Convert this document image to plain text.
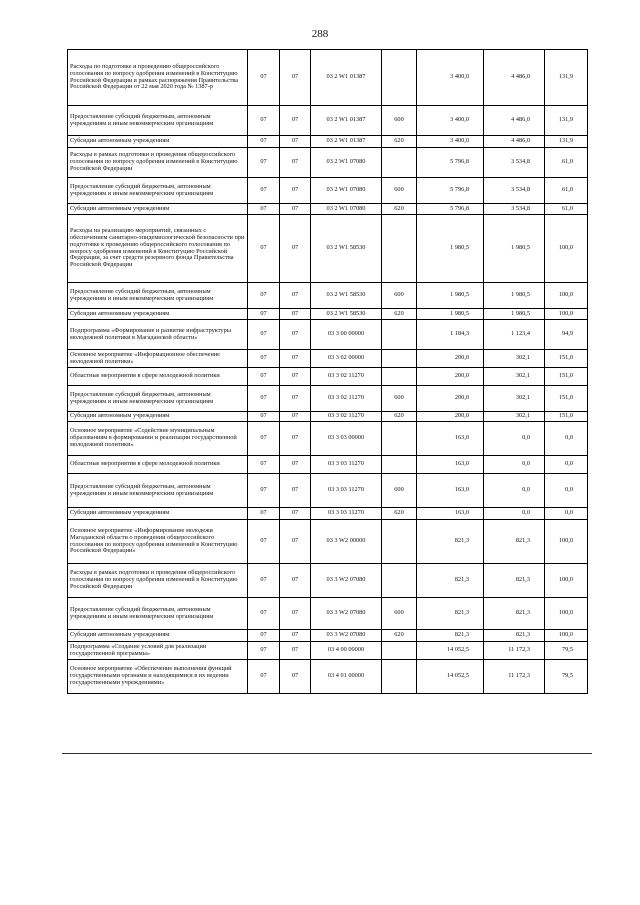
288
Расходы по подготовке и проведению общероссийского голосования по вопросу одобрения изменений в Конституцию Российской Федерации в рамках распоряжения Правительства Российской Федерации от 22 мая 2020 года № 1387-р	07	07	03 2 W1 01387		3 400,0	4 486,0	131,9
Предоставление субсидий бюджетным, автономным учреждениям и иным некоммерческим организациям	07	07	03 2 W1 01387	600	3 400,0	4 486,0	131,9
Субсидии автономным учреждениям	07	07	03 2 W1 01387	620	3 400,0	4 486,0	131,9
Расходы в рамках подготовки и проведения общероссийского голосования по вопросу одобрения изменений в Конституцию Российской Федерации	07	07	03 2 W1 07080		5 796,8	3 534,8	61,0
Предоставление субсидий бюджетным, автономным учреждениям и иным некоммерческим организациям	07	07	03 2 W1 07080	600	5 796,8	3 534,8	61,0
Субсидии автономным учреждениям	07	07	03 2 W1 07080	620	5 796,8	3 534,8	61,0
Расходы на реализацию мероприятий, связанных с обеспечением санитарно-эпидемиологической безопасности при подготовке к проведению общероссийского голосования по вопросу одобрения изменений в Конституцию Российской Федерации, за счет средств резервного фонда Правительства Российской Федерации	07	07	03 2 W1 58530		1 980,5	1 980,5	100,0
Предоставление субсидий бюджетным, автономным учреждениям и иным некоммерческим организациям	07	07	03 2 W1 58530	600	1 980,5	1 980,5	100,0
Субсидии автономным учреждениям	07	07	03 2 W1 58530	620	1 980,5	1 980,5	100,0
Подпрограмма «Формирование и развитие инфраструктуры молодежной политики в Магаданской области»	07	07	03 3 00 00000		1 184,3	1 123,4	94,9
Основное мероприятие «Информационное обеспечение молодежной политики»	07	07	03 3 02 00000		200,0	302,1	151,0
Областные мероприятия в сфере молодежной политики	07	07	03 3 02 11270		200,0	302,1	151,0
Предоставление субсидий бюджетным, автономным учреждениям и иным некоммерческим организациям	07	07	03 3 02 11270	600	200,0	302,1	151,0
Субсидии автономным учреждениям	07	07	03 3 02 11270	620	200,0	302,1	151,0
Основное мероприятие «Содействие муниципальным образованиям в формировании и реализации государственной молодежной политики»	07	07	03 3 03 00000		163,0	0,0	0,0
Областные мероприятия в сфере молодежной политики	07	07	03 3 03 11270		163,0	0,0	0,0
Предоставление субсидий бюджетным, автономным учреждениям и иным некоммерческим организациям	07	07	03 3 03 11270	600	163,0	0,0	0,0
Субсидии автономным учреждениям	07	07	03 3 03 11270	620	163,0	0,0	0,0
Основное мероприятие «Информирование молодежи Магаданской области о проведении общероссийского голосования по вопросу одобрения изменений в Конституцию Российской Федерации»	07	07	03 3 W2 00000		821,3	821,3	100,0
Расходы в рамках подготовки и проведения общероссийского голосования по вопросу одобрения изменений в Конституцию Российской Федерации	07	07	03 3 W2 07080		821,3	821,3	100,0
Предоставление субсидий бюджетным, автономным учреждениям и иным некоммерческим организациям	07	07	03 3 W2 07080	600	821,3	821,3	100,0
Субсидии автономным учреждениям	07	07	03 3 W2 07080	620	821,3	821,3	100,0
Подпрограмма «Создание условий для реализации государственной программы»	07	07	03 4 00 00000		14 052,5	11 172,3	79,5
Основное мероприятие «Обеспечение выполнения функций государственными органами и находящимися в их ведении государственными учреждениями»	07	07	03 4 01 00000		14 052,5	11 172,3	79,5
